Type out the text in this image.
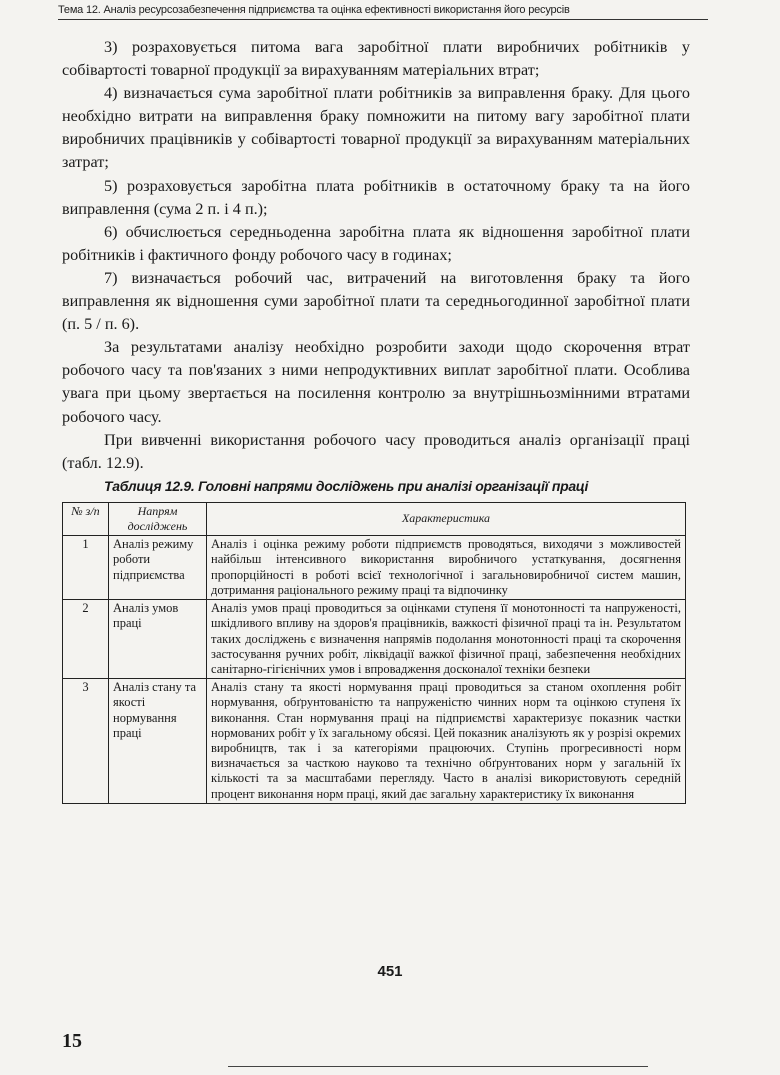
Тема 12. Аналіз ресурсозабезпечення підприємства та оцінка ефективності використання його ресурсів

3) розраховується питома вага заробітної плати виробничих робітників у собівартості товарної продукції за вирахуванням матеріальних втрат;

4) визначається сума заробітної плати робітників за виправлення браку. Для цього необхідно витрати на виправлення браку помножити на питому вагу заробітної плати виробничих працівників у собівартості товарної продукції за вирахуванням матеріальних затрат;

5) розраховується заробітна плата робітників в остаточному браку та на його виправлення (сума 2 п. і 4 п.);

6) обчислюється середньоденна заробітна плата як відношення заробітної плати робітників і фактичного фонду робочого часу в годинах;

7) визначається робочий час, витрачений на виготовлення браку та його виправлення як відношення суми заробітної плати та середньогодинної заробітної плати (п. 5 / п. 6).

За результатами аналізу необхідно розробити заходи щодо скорочення втрат робочого часу та пов'язаних з ними непродуктивних виплат заробітної плати. Особлива увага при цьому звертається на посилення контролю за внутрішньозмінними втратами робочого часу.

При вивченні використання робочого часу проводиться аналіз організації праці (табл. 12.9).

Таблиця 12.9. Головні напрями досліджень при аналізі організації праці

№ з/п	Напрям досліджень	Характеристика
1	Аналіз режиму роботи підприємства	Аналіз і оцінка режиму роботи підприємств проводяться, виходячи з можливостей найбільш інтенсивного використання виробничого устаткування, досягнення пропорційності в роботі всієї технологічної і загальновиробничої систем машин, дотримання раціонального режиму праці та відпочинку
2	Аналіз умов праці	Аналіз умов праці проводиться за оцінками ступеня її монотонності та напруженості, шкідливого впливу на здоров'я працівників, важкості фізичної праці та ін. Результатом таких досліджень є визначення напрямів подолання монотонності праці та скорочення застосування ручних робіт, ліквідації важкої фізичної праці, забезпечення необхідних санітарно-гігієнічних умов і впровадження досконалої техніки безпеки
3	Аналіз стану та якості нормування праці	Аналіз стану та якості нормування праці проводиться за станом охоплення робіт нормування, обґрунтованістю та напруженістю чинних норм та оцінкою ступеня їх виконання. Стан нормування праці на підприємстві характеризує показник частки нормованих робіт у їх загальному обсязі. Цей показник аналізують як у розрізі окремих виробництв, так і за категоріями працюючих. Ступінь прогресивності норм визначається за часткою науково та технічно обґрунтованих норм у загальній їх кількості та за масштабами перегляду. Часто в аналізі використовують середній процент виконання норм праці, який дає загальну характеристику їх виконання
451
15
